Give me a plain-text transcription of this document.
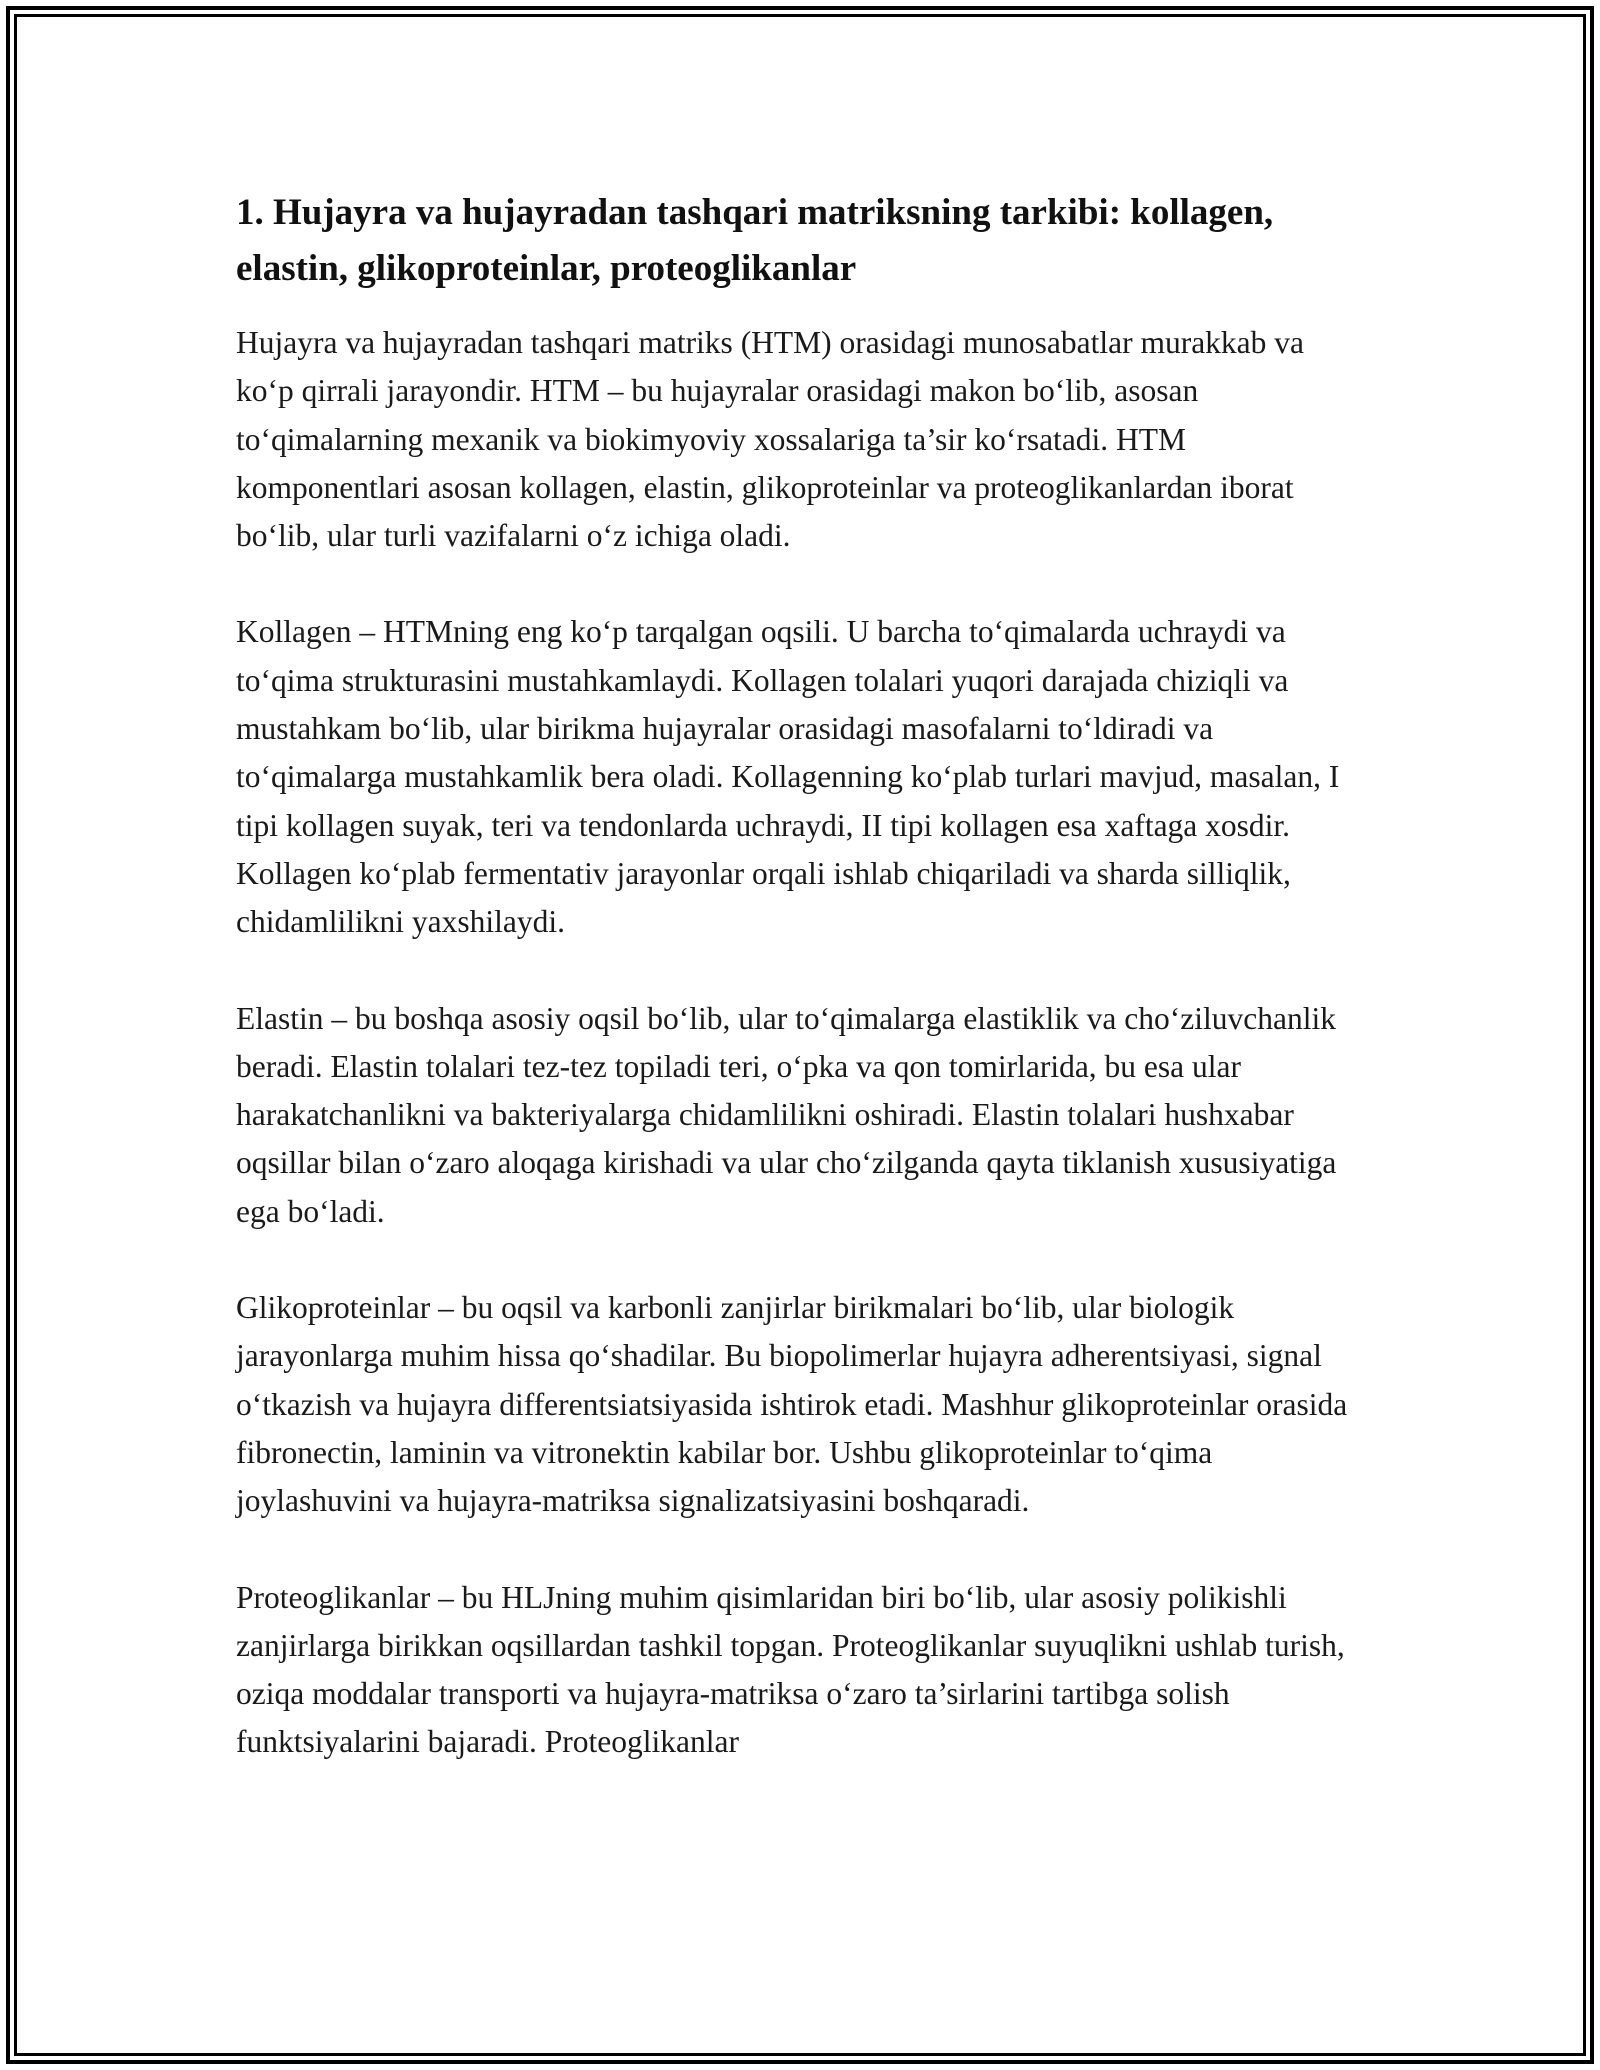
1. Hujayra va hujayradan tashqari matriksning tarkibi: kollagen, elastin, glikoproteinlar, proteoglikanlar

Hujayra va hujayradan tashqari matriks (HTM) orasidagi munosabatlar murakkab va ko‘p qirrali jarayondir. HTM – bu hujayralar orasidagi makon bo‘lib, asosan to‘qimalarning mexanik va biokimyoviy xossalariga ta’sir ko‘rsatadi. HTM komponentlari asosan kollagen, elastin, glikoproteinlar va proteoglikanlardan iborat bo‘lib, ular turli vazifalarni o‘z ichiga oladi.

Kollagen – HTMning eng ko‘p tarqalgan oqsili. U barcha to‘qimalarda uchraydi va to‘qima strukturasini mustahkamlaydi. Kollagen tolalari yuqori darajada chiziqli va mustahkam bo‘lib, ular birikma hujayralar orasidagi masofalarni to‘ldiradi va to‘qimalarga mustahkamlik bera oladi. Kollagenning ko‘plab turlari mavjud, masalan, I tipi kollagen suyak, teri va tendonlarda uchraydi, II tipi kollagen esa xaftaga xosdir. Kollagen ko‘plab fermentativ jarayonlar orqali ishlab chiqariladi va sharda silliqlik, chidamlilikni yaxshilaydi.

Elastin – bu boshqa asosiy oqsil bo‘lib, ular to‘qimalarga elastiklik va cho‘ziluvchanlik beradi. Elastin tolalari tez-tez topiladi teri, o‘pka va qon tomirlarida, bu esa ular harakatchanlikni va bakteriyalarga chidamlilikni oshiradi. Elastin tolalari hushxabar oqsillar bilan o‘zaro aloqaga kirishadi va ular cho‘zilganda qayta tiklanish xususiyatiga ega bo‘ladi.

Glikoproteinlar – bu oqsil va karbonli zanjirlar birikmalari bo‘lib, ular biologik jarayonlarga muhim hissa qo‘shadilar. Bu biopolimerlar hujayra adherentsiyasi, signal o‘tkazish va hujayra differentsiatsiyasida ishtirok etadi. Mashhur glikoproteinlar orasida fibronectin, laminin va vitronektin kabilar bor. Ushbu glikoproteinlar to‘qima joylashuvini va hujayra-matriksa signalizatsiyasini boshqaradi.

Proteoglikanlar – bu HLJning muhim qisimlaridan biri bo‘lib, ular asosiy polikishli zanjirlarga birikkan oqsillardan tashkil topgan. Proteoglikanlar suyuqlikni ushlab turish, oziqa moddalar transporti va hujayra-matriksa o‘zaro ta’sirlarini tartibga solish funktsiyalarini bajaradi. Proteoglikanlar
